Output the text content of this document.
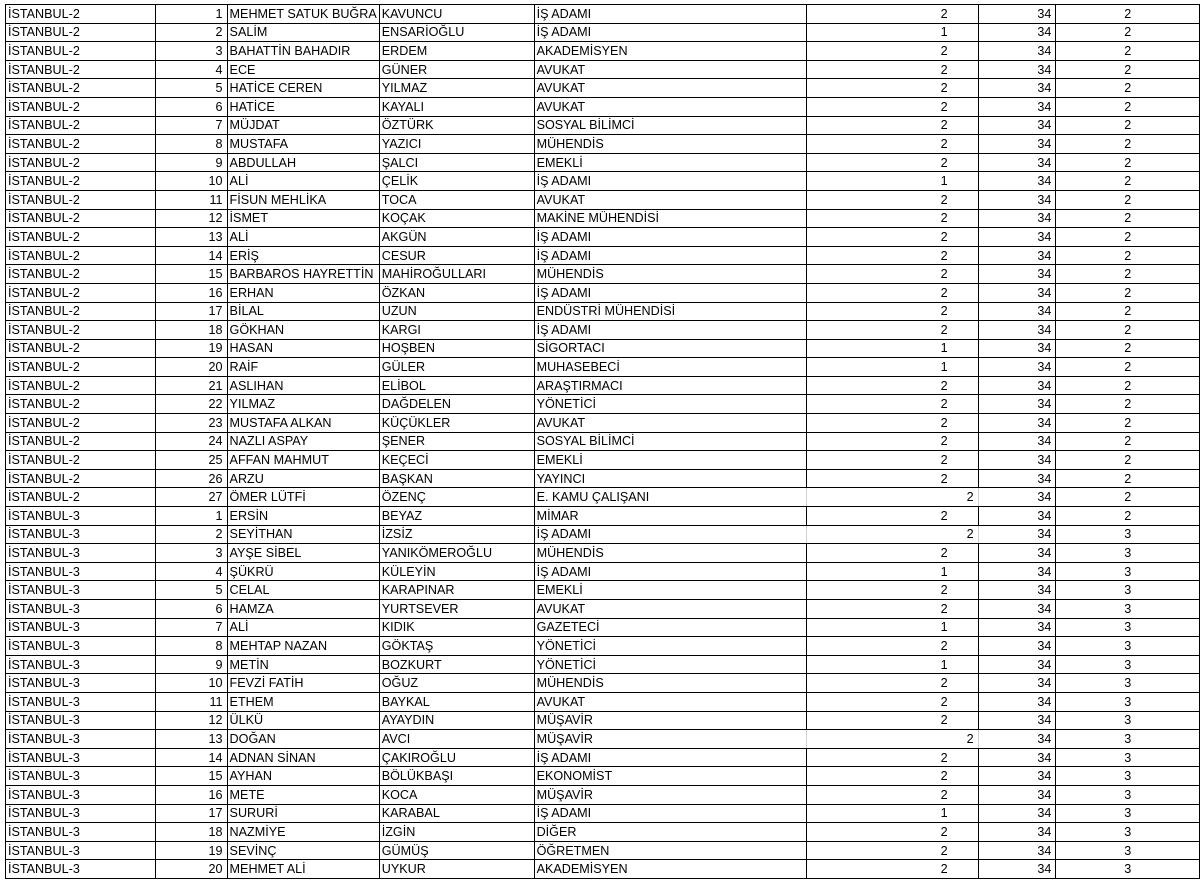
İSTANBUL-2	1	MEHMET SATUK BUĞRA	KAVUNCU	İŞ ADAMI	2	34	2
İSTANBUL-2	2	SALİM	ENSARİOĞLU	İŞ ADAMI	1	34	2
İSTANBUL-2	3	BAHATTİN BAHADIR	ERDEM	AKADEMİSYEN	2	34	2
İSTANBUL-2	4	ECE	GÜNER	AVUKAT	2	34	2
İSTANBUL-2	5	HATİCE CEREN	YILMAZ	AVUKAT	2	34	2
İSTANBUL-2	6	HATİCE	KAYALI	AVUKAT	2	34	2
İSTANBUL-2	7	MÜJDAT	ÖZTÜRK	SOSYAL BİLİMCİ	2	34	2
İSTANBUL-2	8	MUSTAFA	YAZICI	MÜHENDİS	2	34	2
İSTANBUL-2	9	ABDULLAH	ŞALCI	EMEKLİ	2	34	2
İSTANBUL-2	10	ALİ	ÇELİK	İŞ ADAMI	1	34	2
İSTANBUL-2	11	FİSUN MEHLİKA	TOCA	AVUKAT	2	34	2
İSTANBUL-2	12	İSMET	KOÇAK	MAKİNE MÜHENDİSİ	2	34	2
İSTANBUL-2	13	ALİ	AKGÜN	İŞ ADAMI	2	34	2
İSTANBUL-2	14	ERİŞ	CESUR	İŞ ADAMI	2	34	2
İSTANBUL-2	15	BARBAROS HAYRETTİN	MAHİROĞULLARI	MÜHENDİS	2	34	2
İSTANBUL-2	16	ERHAN	ÖZKAN	İŞ ADAMI	2	34	2
İSTANBUL-2	17	BİLAL	UZUN	ENDÜSTRİ MÜHENDİSİ	2	34	2
İSTANBUL-2	18	GÖKHAN	KARGI	İŞ ADAMI	2	34	2
İSTANBUL-2	19	HASAN	HOŞBEN	SİGORTACI	1	34	2
İSTANBUL-2	20	RAİF	GÜLER	MUHASEBECİ	1	34	2
İSTANBUL-2	21	ASLIHAN	ELİBOL	ARAŞTIRMACI	2	34	2
İSTANBUL-2	22	YILMAZ	DAĞDELEN	YÖNETİCİ	2	34	2
İSTANBUL-2	23	MUSTAFA ALKAN	KÜÇÜKLER	AVUKAT	2	34	2
İSTANBUL-2	24	NAZLI ASPAY	ŞENER	SOSYAL BİLİMCİ	2	34	2
İSTANBUL-2	25	AFFAN MAHMUT	KEÇECİ	EMEKLİ	2	34	2
İSTANBUL-2	26	ARZU	BAŞKAN	YAYINCI	2	34	2
İSTANBUL-2	27	ÖMER LÜTFİ	ÖZENÇ	E. KAMU ÇALIŞANI	2	34	2
İSTANBUL-3	1	ERSİN	BEYAZ	MİMAR	2	34	2
İSTANBUL-3	2	SEYİTHAN	İZSİZ	İŞ ADAMI	2	34	3
İSTANBUL-3	3	AYŞE SİBEL	YANIKÖMEROĞLU	MÜHENDİS	2	34	3
İSTANBUL-3	4	ŞÜKRÜ	KÜLEYİN	İŞ ADAMI	1	34	3
İSTANBUL-3	5	CELAL	KARAPINAR	EMEKLİ	2	34	3
İSTANBUL-3	6	HAMZA	YURTSEVER	AVUKAT	2	34	3
İSTANBUL-3	7	ALİ	KIDIK	GAZETECİ	1	34	3
İSTANBUL-3	8	MEHTAP NAZAN	GÖKTAŞ	YÖNETİCİ	2	34	3
İSTANBUL-3	9	METİN	BOZKURT	YÖNETİCİ	1	34	3
İSTANBUL-3	10	FEVZİ FATİH	OĞUZ	MÜHENDİS	2	34	3
İSTANBUL-3	11	ETHEM	BAYKAL	AVUKAT	2	34	3
İSTANBUL-3	12	ÜLKÜ	AYAYDIN	MÜŞAVİR	2	34	3
İSTANBUL-3	13	DOĞAN	AVCI	MÜŞAVİR	2	34	3
İSTANBUL-3	14	ADNAN SİNAN	ÇAKIROĞLU	İŞ ADAMI	2	34	3
İSTANBUL-3	15	AYHAN	BÖLÜKBAŞI	EKONOMİST	2	34	3
İSTANBUL-3	16	METE	KOCA	MÜŞAVİR	2	34	3
İSTANBUL-3	17	SURURİ	KARABAL	İŞ ADAMI	1	34	3
İSTANBUL-3	18	NAZMİYE	İZGİN	DİĞER	2	34	3
İSTANBUL-3	19	SEVİNÇ	GÜMÜŞ	ÖĞRETMEN	2	34	3
İSTANBUL-3	20	MEHMET ALİ	UYKUR	AKADEMİSYEN	2	34	3
